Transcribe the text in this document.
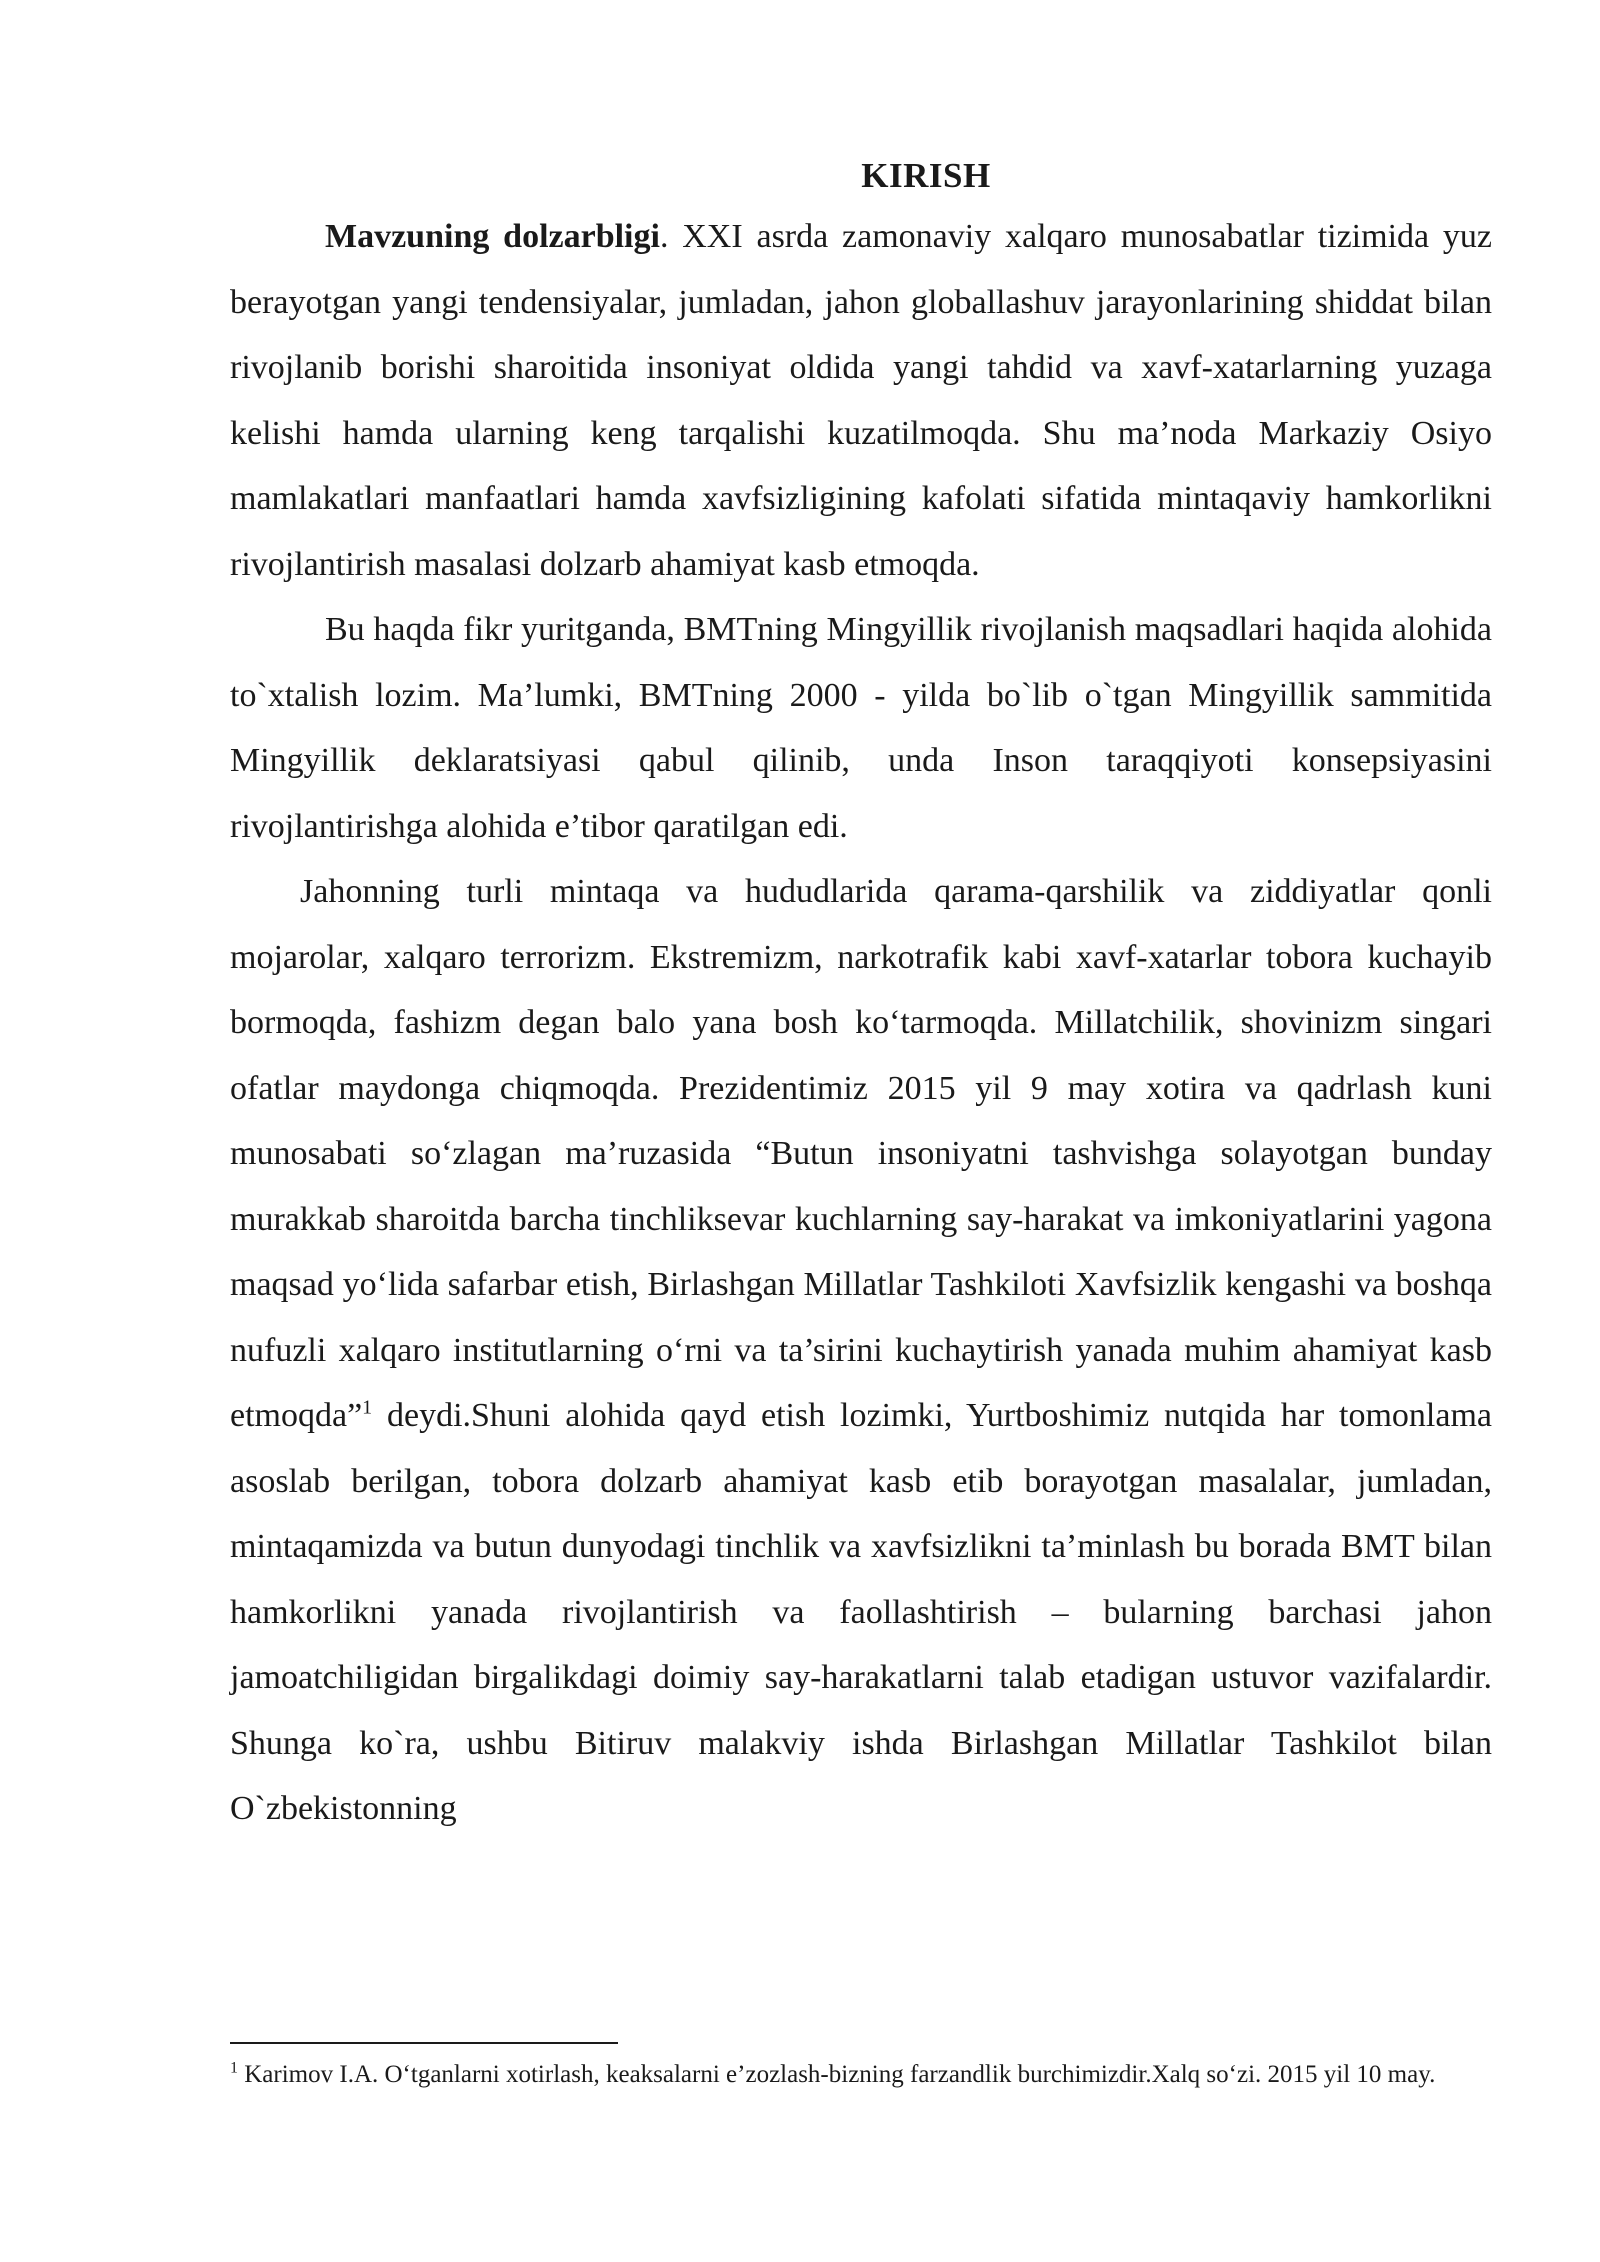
KIRISH

Mavzuning dolzarbligi. XXI asrda zamonaviy xalqaro munosabatlar tizimida yuz berayotgan yangi tendensiyalar, jumladan, jahon globallashuv jarayonlarining shiddat bilan rivojlanib borishi sharoitida insoniyat oldida yangi tahdid va xavf-xatarlarning yuzaga kelishi hamda ularning keng tarqalishi kuzatilmoqda. Shu ma’noda Markaziy Osiyo mamlakatlari manfaatlari hamda xavfsizligining kafolati sifatida mintaqaviy hamkorlikni rivojlantirish masalasi dolzarb ahamiyat kasb etmoqda.

Bu haqda fikr yuritganda, BMTning Mingyillik rivojlanish maqsadlari haqida alohida to`xtalish lozim. Ma’lumki, BMTning 2000 - yilda bo`lib o`tgan Mingyillik sammitida Mingyillik deklaratsiyasi qabul qilinib, unda Inson taraqqiyoti konsepsiyasini rivojlantirishga alohida e’tibor qaratilgan edi.

Jahonning turli mintaqa va hududlarida qarama-qarshilik va ziddiyatlar qonli mojarolar, xalqaro terrorizm. Ekstremizm, narkotrafik kabi xavf-xatarlar tobora kuchayib bormoqda, fashizm degan balo yana bosh ko‘tarmoqda. Millatchilik, shovinizm singari ofatlar maydonga chiqmoqda. Prezidentimiz 2015 yil 9 may xotira va qadrlash kuni munosabati so‘zlagan ma’ruzasida “Butun insoniyatni tashvishga solayotgan bunday murakkab sharoitda barcha tinchliksevar kuchlarning say-harakat va imkoniyatlarini yagona maqsad yo‘lida safarbar etish, Birlashgan Millatlar Tashkiloti Xavfsizlik kengashi va boshqa nufuzli xalqaro institutlarning o‘rni va ta’sirini kuchaytirish yanada muhim ahamiyat kasb etmoqda”$^1$ deydi.Shuni alohida qayd etish lozimki, Yurtboshimiz nutqida har tomonlama asoslab berilgan, tobora dolzarb ahamiyat kasb etib borayotgan masalalar, jumladan, mintaqamizda va butun dunyodagi tinchlik va xavfsizlikni ta’minlash bu borada BMT bilan hamkorlikni yanada rivojlantirish va faollashtirish – bularning barchasi jahon jamoatchiligidan birgalikdagi doimiy say-harakatlarni talab etadigan ustuvor vazifalardir. Shunga ko`ra, ushbu Bitiruv malakviy ishda Birlashgan Millatlar Tashkilot bilan O`zbekistonning

$^1$ Karimov I.A. O‘tganlarni xotirlash, keaksalarni e’zozlash-bizning farzandlik burchimizdir.Xalq so‘zi. 2015 yil 10 may.
